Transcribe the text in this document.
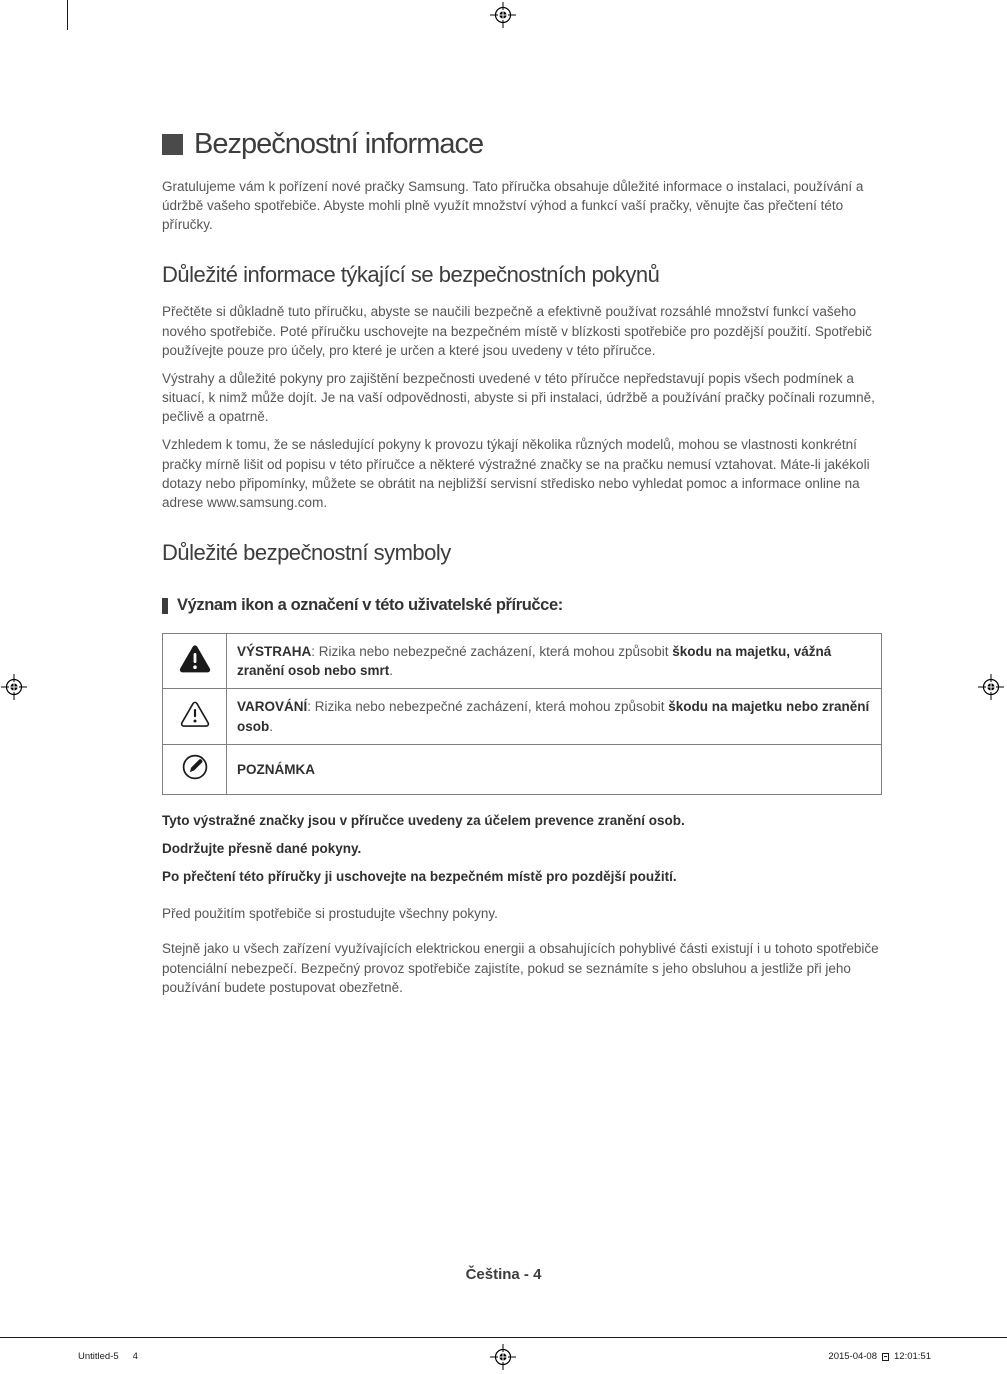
Bezpečnostní informace

Gratulujeme vám k pořízení nové pračky Samsung. Tato příručka obsahuje důležité informace o instalaci, používání a údržbě vašeho spotřebiče. Abyste mohli plně využít množství výhod a funkcí vaší pračky, věnujte čas přečtení této příručky.

Důležité informace týkající se bezpečnostních pokynů

Přečtěte si důkladně tuto příručku, abyste se naučili bezpečně a efektivně používat rozsáhlé množství funkcí vašeho nového spotřebiče. Poté příručku uschovejte na bezpečném místě v blízkosti spotřebiče pro pozdější použití. Spotřebič používejte pouze pro účely, pro které je určen a které jsou uvedeny v této příručce.

Výstrahy a důležité pokyny pro zajištění bezpečnosti uvedené v této příručce nepředstavují popis všech podmínek a situací, k nimž může dojít. Je na vaší odpovědnosti, abyste si při instalaci, údržbě a používání pračky počínali rozumně, pečlivě a opatrně.

Vzhledem k tomu, že se následující pokyny k provozu týkají několika různých modelů, mohou se vlastnosti konkrétní pračky mírně lišit od popisu v této příručce a některé výstražné značky se na pračku nemusí vztahovat. Máte-li jakékoli dotazy nebo připomínky, můžete se obrátit na nejbližší servisní středisko nebo vyhledat pomoc a informace online na adrese www.samsung.com.

Důležité bezpečnostní symboly
Význam ikon a označení v této uživatelské příručce:
	VÝSTRAHA: Rizika nebo nebezpečné zacházení, která mohou způsobit škodu na majetku, vážná zranění osob nebo smrt.
	VAROVÁNÍ: Rizika nebo nebezpečné zacházení, která mohou způsobit škodu na majetku nebo zranění osob.
	POZNÁMKA

Tyto výstražné značky jsou v příručce uvedeny za účelem prevence zranění osob.

Dodržujte přesně dané pokyny.

Po přečtení této příručky ji uschovejte na bezpečném místě pro pozdější použití.

Před použitím spotřebiče si prostudujte všechny pokyny.

Stejně jako u všech zařízení využívajících elektrickou energii a obsahujících pohyblivé části existují i u tohoto spotřebiče potenciální nebezpečí. Bezpečný provoz spotřebiče zajistíte, pokud se seznámíte s jeho obsluhou a jestliže při jeho používání budete postupovat obezřetně.

Čeština - 4
Untitled-5 4	2015-04-08 12:01:51
